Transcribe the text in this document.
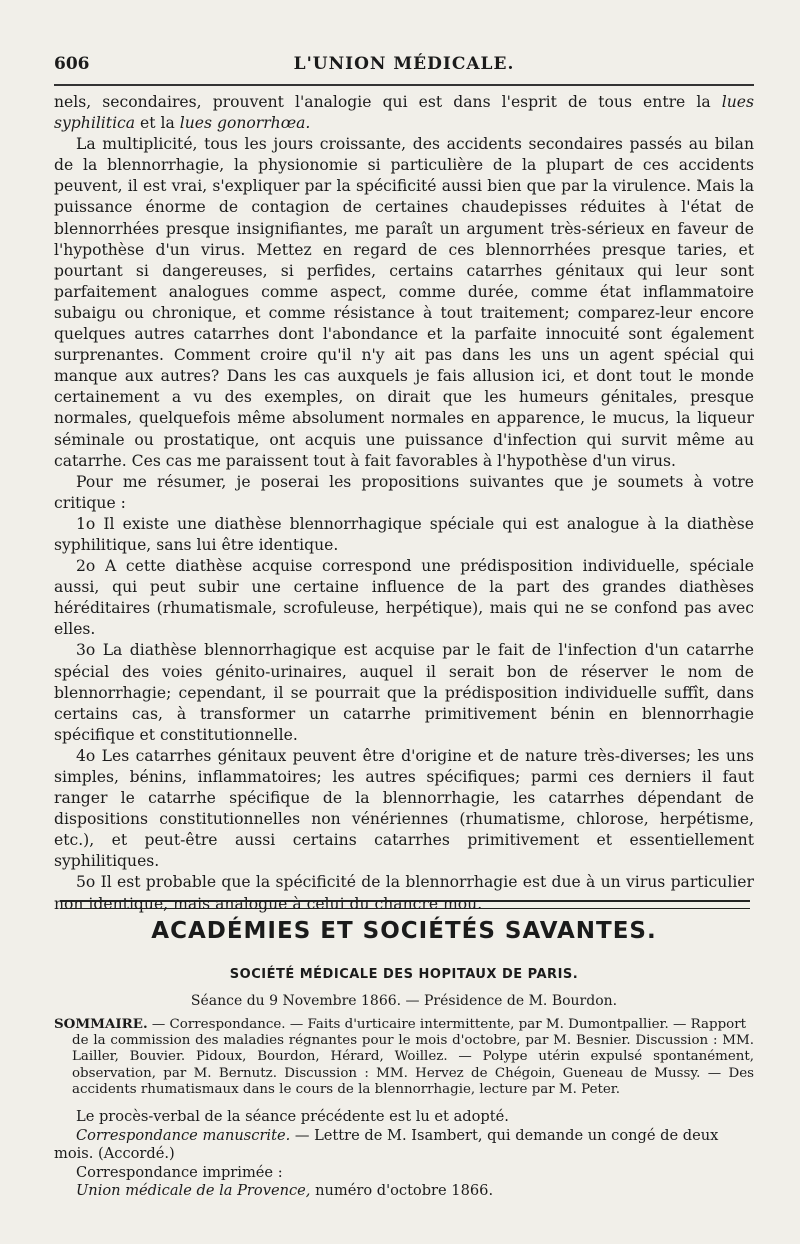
606	L'UNION MÉDICALE.

nels, secondaires, prouvent l'analogie qui est dans l'esprit de tous entre la lues syphilitica et la lues gonorrhœa.

La multiplicité, tous les jours croissante, des accidents secondaires passés au bilan de la blennorrhagie, la physionomie si particulière de la plupart de ces accidents peuvent, il est vrai, s'expliquer par la spécificité aussi bien que par la virulence. Mais la puissance énorme de contagion de certaines chaudepisses réduites à l'état de blennorrhées presque insignifiantes, me paraît un argument très-sérieux en faveur de l'hypothèse d'un virus. Mettez en regard de ces blennorrhées presque taries, et pourtant si dangereuses, si perfides, certains catarrhes génitaux qui leur sont parfaitement analogues comme aspect, comme durée, comme état inflammatoire subaigu ou chronique, et comme résistance à tout traitement; comparez-leur encore quelques autres catarrhes dont l'abondance et la parfaite innocuité sont également surprenantes. Comment croire qu'il n'y ait pas dans les uns un agent spécial qui manque aux autres? Dans les cas auxquels je fais allusion ici, et dont tout le monde certainement a vu des exemples, on dirait que les humeurs génitales, presque normales, quelquefois même absolument normales en apparence, le mucus, la liqueur séminale ou prostatique, ont acquis une puissance d'infection qui survit même au catarrhe. Ces cas me paraissent tout à fait favorables à l'hypothèse d'un virus.

Pour me résumer, je poserai les propositions suivantes que je soumets à votre critique :

1o Il existe une diathèse blennorrhagique spéciale qui est analogue à la diathèse syphilitique, sans lui être identique.

2o A cette diathèse acquise correspond une prédisposition individuelle, spéciale aussi, qui peut subir une certaine influence de la part des grandes diathèses héréditaires (rhumatismale, scrofuleuse, herpétique), mais qui ne se confond pas avec elles.

3o La diathèse blennorrhagique est acquise par le fait de l'infection d'un catarrhe spécial des voies génito-urinaires, auquel il serait bon de réserver le nom de blennorrhagie; cependant, il se pourrait que la prédisposition individuelle suffît, dans certains cas, à transformer un catarrhe primitivement bénin en blennorrhagie spécifique et constitutionnelle.

4o Les catarrhes génitaux peuvent être d'origine et de nature très-diverses; les uns simples, bénins, inflammatoires; les autres spécifiques; parmi ces derniers il faut ranger le catarrhe spécifique de la blennorrhagie, les catarrhes dépendant de dispositions constitutionnelles non vénériennes (rhumatisme, chlorose, herpétisme, etc.), et peut-être aussi certains catarrhes primitivement et essentiellement syphilitiques.

5o Il est probable que la spécificité de la blennorrhagie est due à un virus particulier non identique, mais analogue à celui du chancre mou.

ACADÉMIES ET SOCIÉTÉS SAVANTES.
SOCIÉTÉ MÉDICALE DES HOPITAUX DE PARIS.
Séance du 9 Novembre 1866. — Présidence de M. Bourdon.
SOMMAIRE. — Correspondance. — Faits d'urticaire intermittente, par M. Dumontpallier. — Rapport
de la commission des maladies régnantes pour le mois d'octobre, par M. Besnier. Discussion : MM. Lailler, Bouvier. Pidoux, Bourdon, Hérard, Woillez. — Polype utérin expulsé spontanément, observation, par M. Bernutz. Discussion : MM. Hervez de Chégoin, Gueneau de Mussy. — Des accidents rhumatismaux dans le cours de la blennorrhagie, lecture par M. Peter.

Le procès-verbal de la séance précédente est lu et adopté.

Correspondance manuscrite. — Lettre de M. Isambert, qui demande un congé de deux

mois. (Accordé.)

Correspondance imprimée :

Union médicale de la Provence, numéro d'octobre 1866.
